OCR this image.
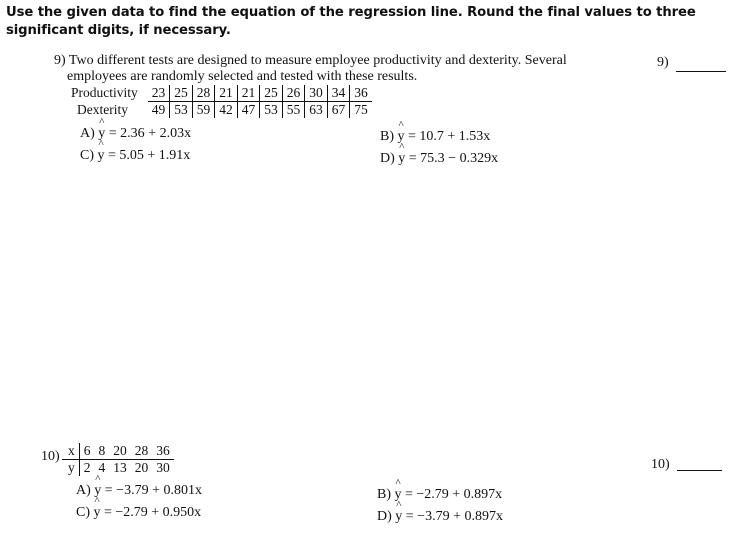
Use the given data to find the equation of the regression line. Round the final values to three significant digits, if necessary.
9) Two different tests are designed to measure employee productivity and dexterity. Several
employees are randomly selected and tested with these results.
9)
Productivity	23	25	28	21	21	25	26	30	34	36
Dexterity	49	53	59	42	47	53	55	63	67	75
A) ^ y = 2.36 + 2.03x
C) ^ y = 5.05 + 1.91x
B) ^ y = 10.7 + 1.53x
D) ^ y = 75.3 − 0.329x
10) x	6	8	20	28	36
y	2	4	13	20	30	10)
A) ^ y = −3.79 + 0.801x
C) ^ y = −2.79 + 0.950x
B) ^ y = −2.79 + 0.897x
D) ^ y = −3.79 + 0.897x
